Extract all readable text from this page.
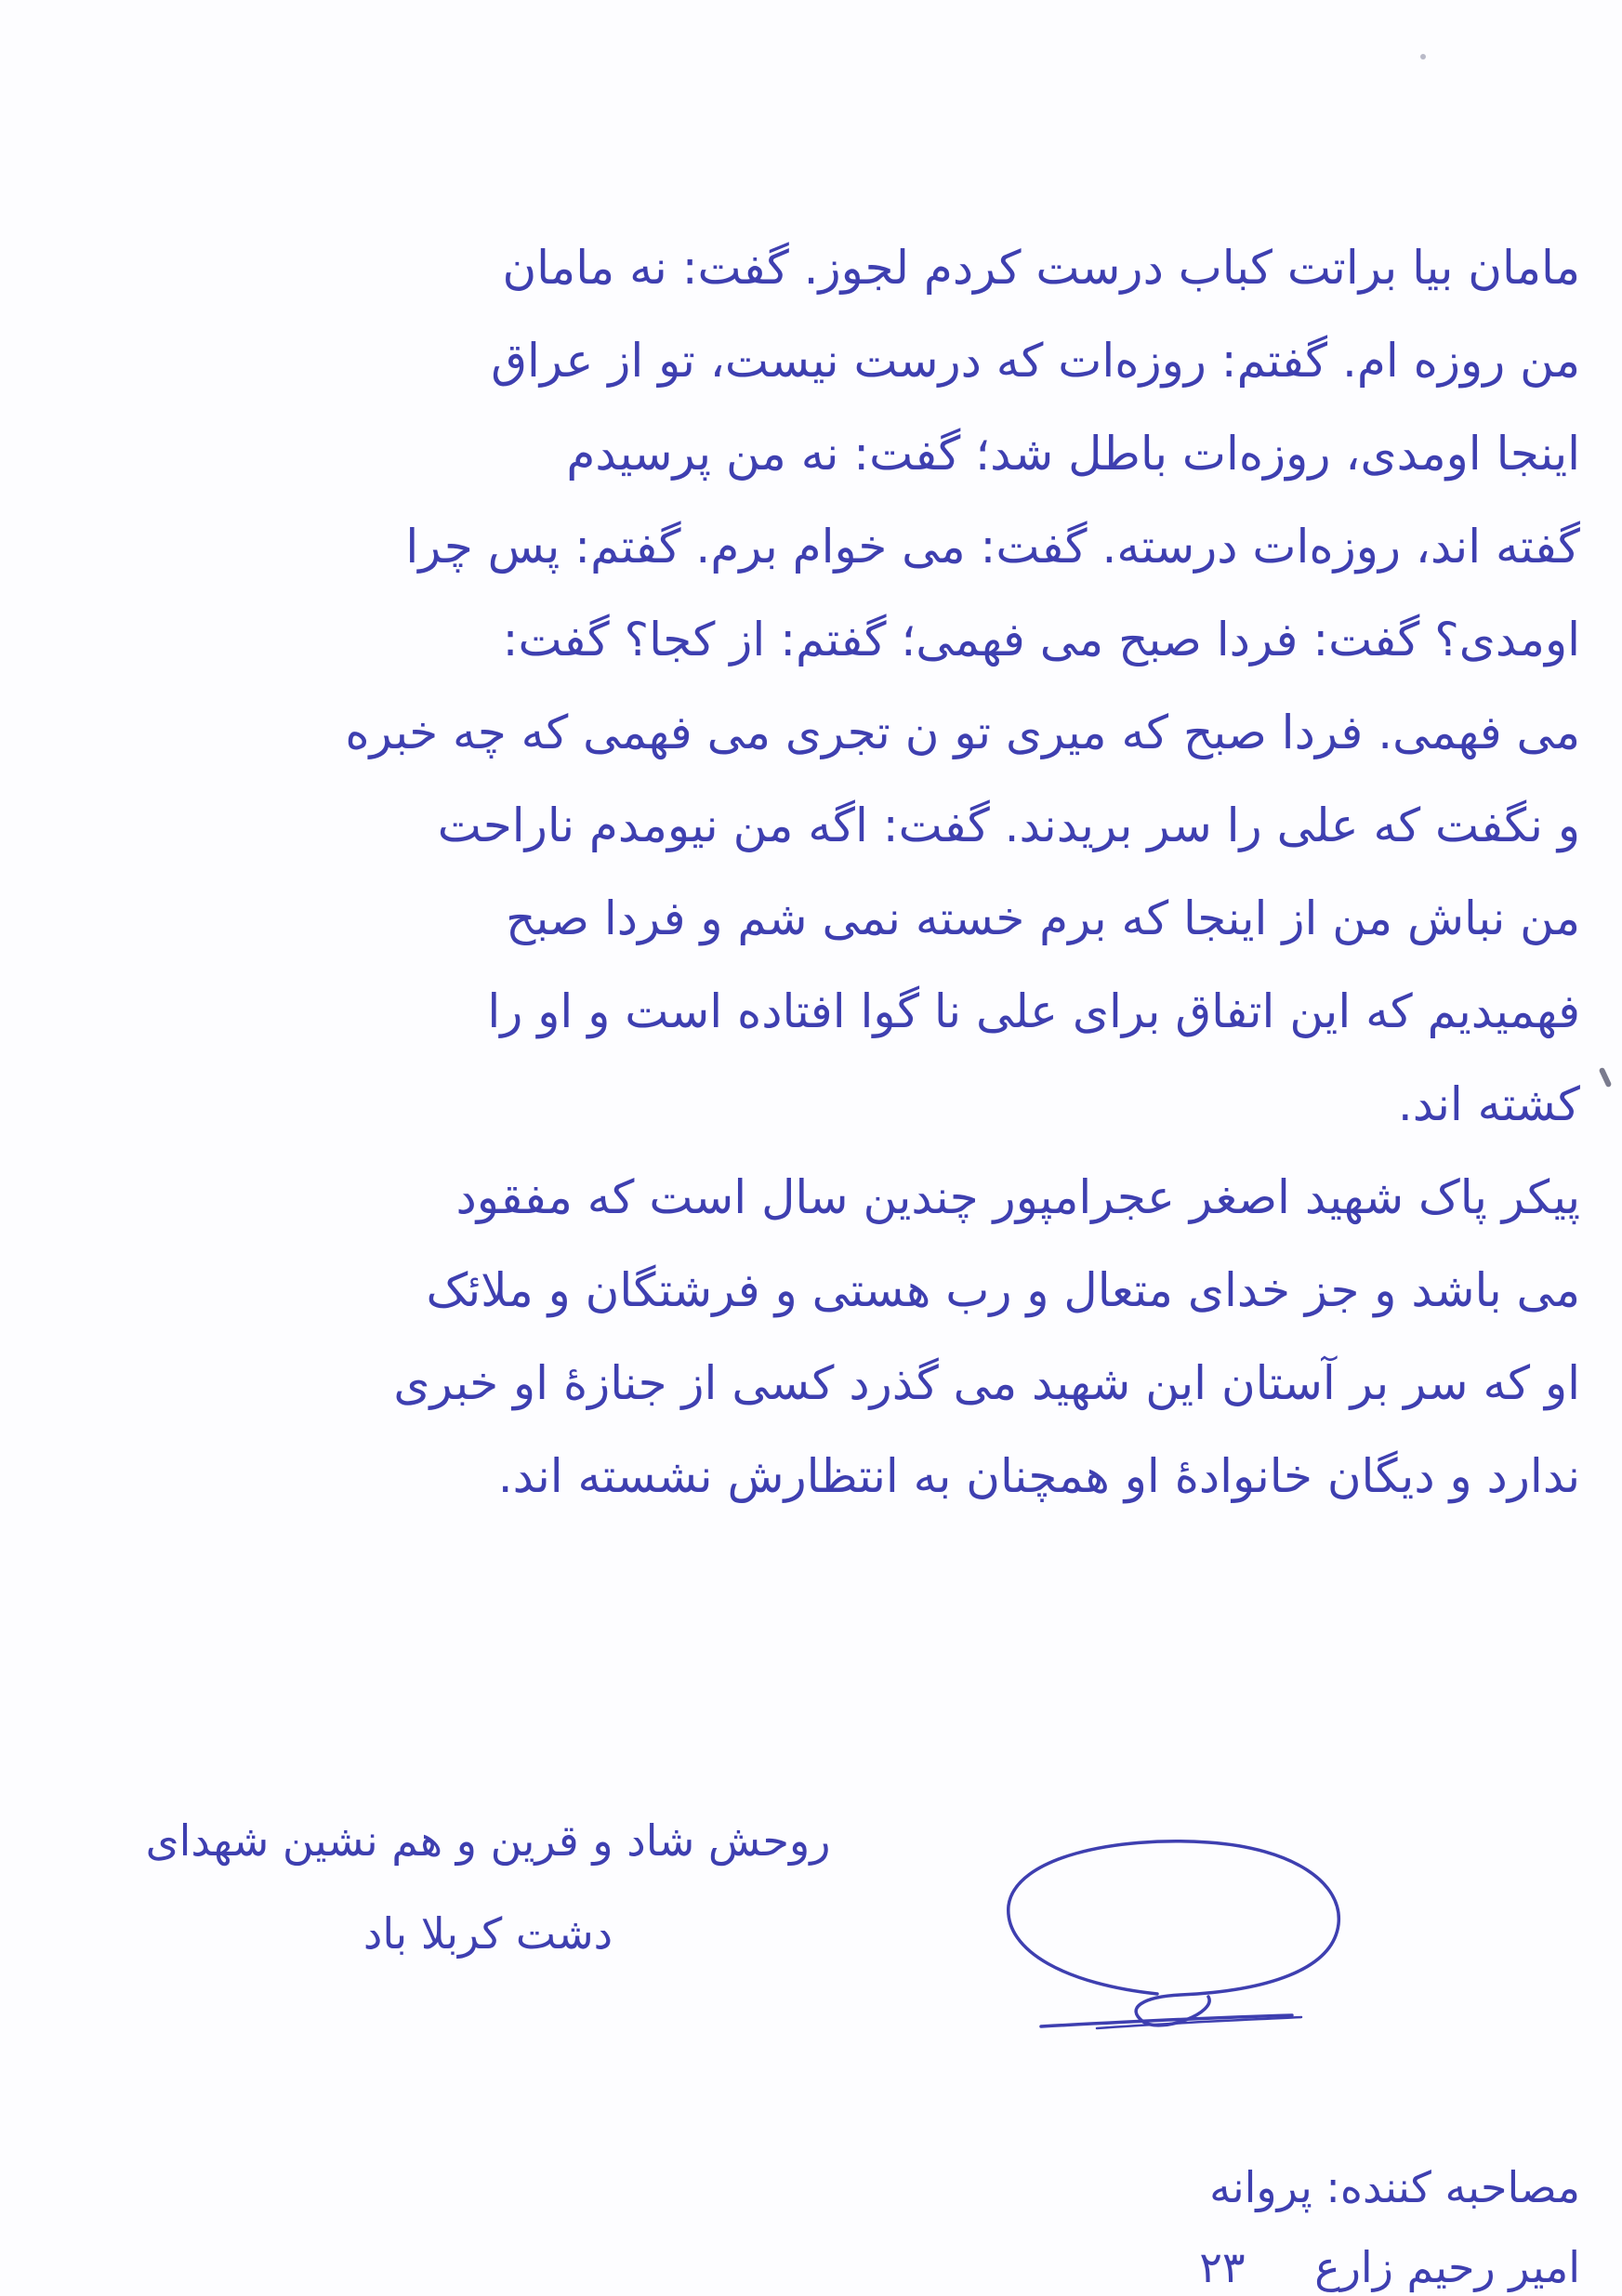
ماماﻥ بیا براتت کباب درست کردم لجوز. گفت: نه مامان
من روزه ام. گفتم: روزه‌ات که درست نیست، تو از عراق
اینجا اومدی، روزه‌ات باطل شد؛ گفت: نه من پرسیدم
گفته اند، روزه‌ات درسته. گفت: می خوام برم. گفتم: پس چرا
اومدی؟ گفت: فردا صبح می فهمی؛ گفتم: از کجا؟ گفت:
می فهمی. فردا صبح که میری تو ن تجری می فهمی که چه خبره
و نگفت که علی را سر بریدند. گفت: اگه من نیومدم ناراحت
من نباش من از اینجا که برم خسته نمی شم و فردا صبح
فهمیدیم که این اتفاق برای علی نا گوا افتاده است و او را
کشته اند.
پیکر پاک شهید اصغر عجرامپور چندین سال است که مفقود
می باشد و جز خدای متعال و رب هستی و فرشتگان و ملائک
او که سر بر آستان این شهید می گذرد کسی از جنازهٔ او خبری
ندارد و دیگان خانوادهٔ او همچنان به انتظارش نشسته اند.
روحش شاد و قرین و هم نشین شهدای
دشت کربلا باد
مصاحبه کننده: پروانه
امیر رحیم زارع ۲۳
